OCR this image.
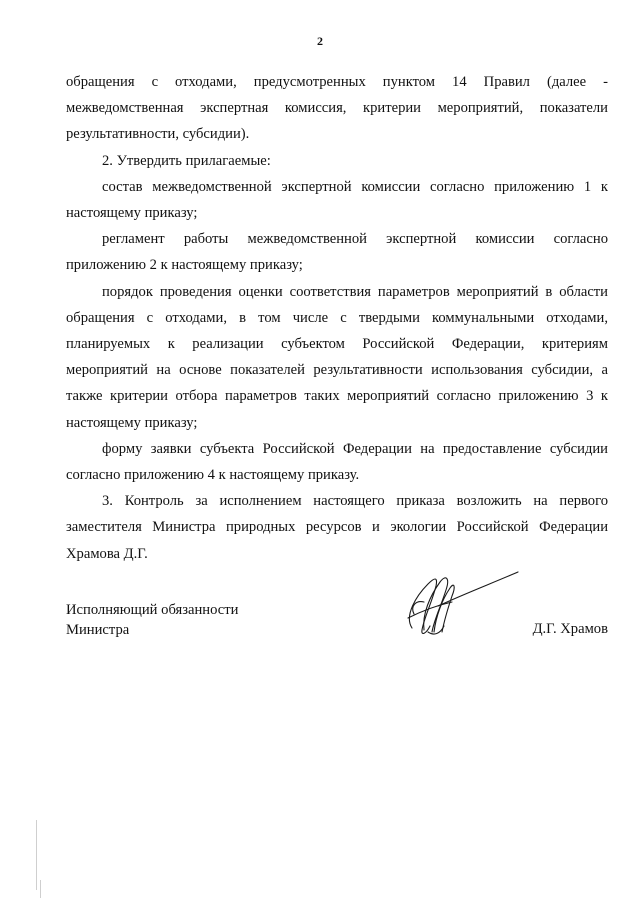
2

обращения с отходами, предусмотренных пунктом 14 Правил (далее - межведомственная экспертная комиссия, критерии мероприятий, показатели результативности, субсидии).

2. Утвердить прилагаемые:

состав межведомственной экспертной комиссии согласно приложению 1 к настоящему приказу;

регламент работы межведомственной экспертной комиссии согласно приложению 2 к настоящему приказу;

порядок проведения оценки соответствия параметров мероприятий в области обращения с отходами, в том числе с твердыми коммунальными отходами, планируемых к реализации субъектом Российской Федерации, критериям мероприятий на основе показателей результативности использования субсидии, а также критерии отбора параметров таких мероприятий согласно приложению 3 к настоящему приказу;

форму заявки субъекта Российской Федерации на предоставление субсидии согласно приложению 4 к настоящему приказу.

3. Контроль за исполнением настоящего приказа возложить на первого заместителя Министра природных ресурсов и экологии Российской Федерации Храмова Д.Г.

Исполняющий обязанности
Министра	Д.Г. Храмов
